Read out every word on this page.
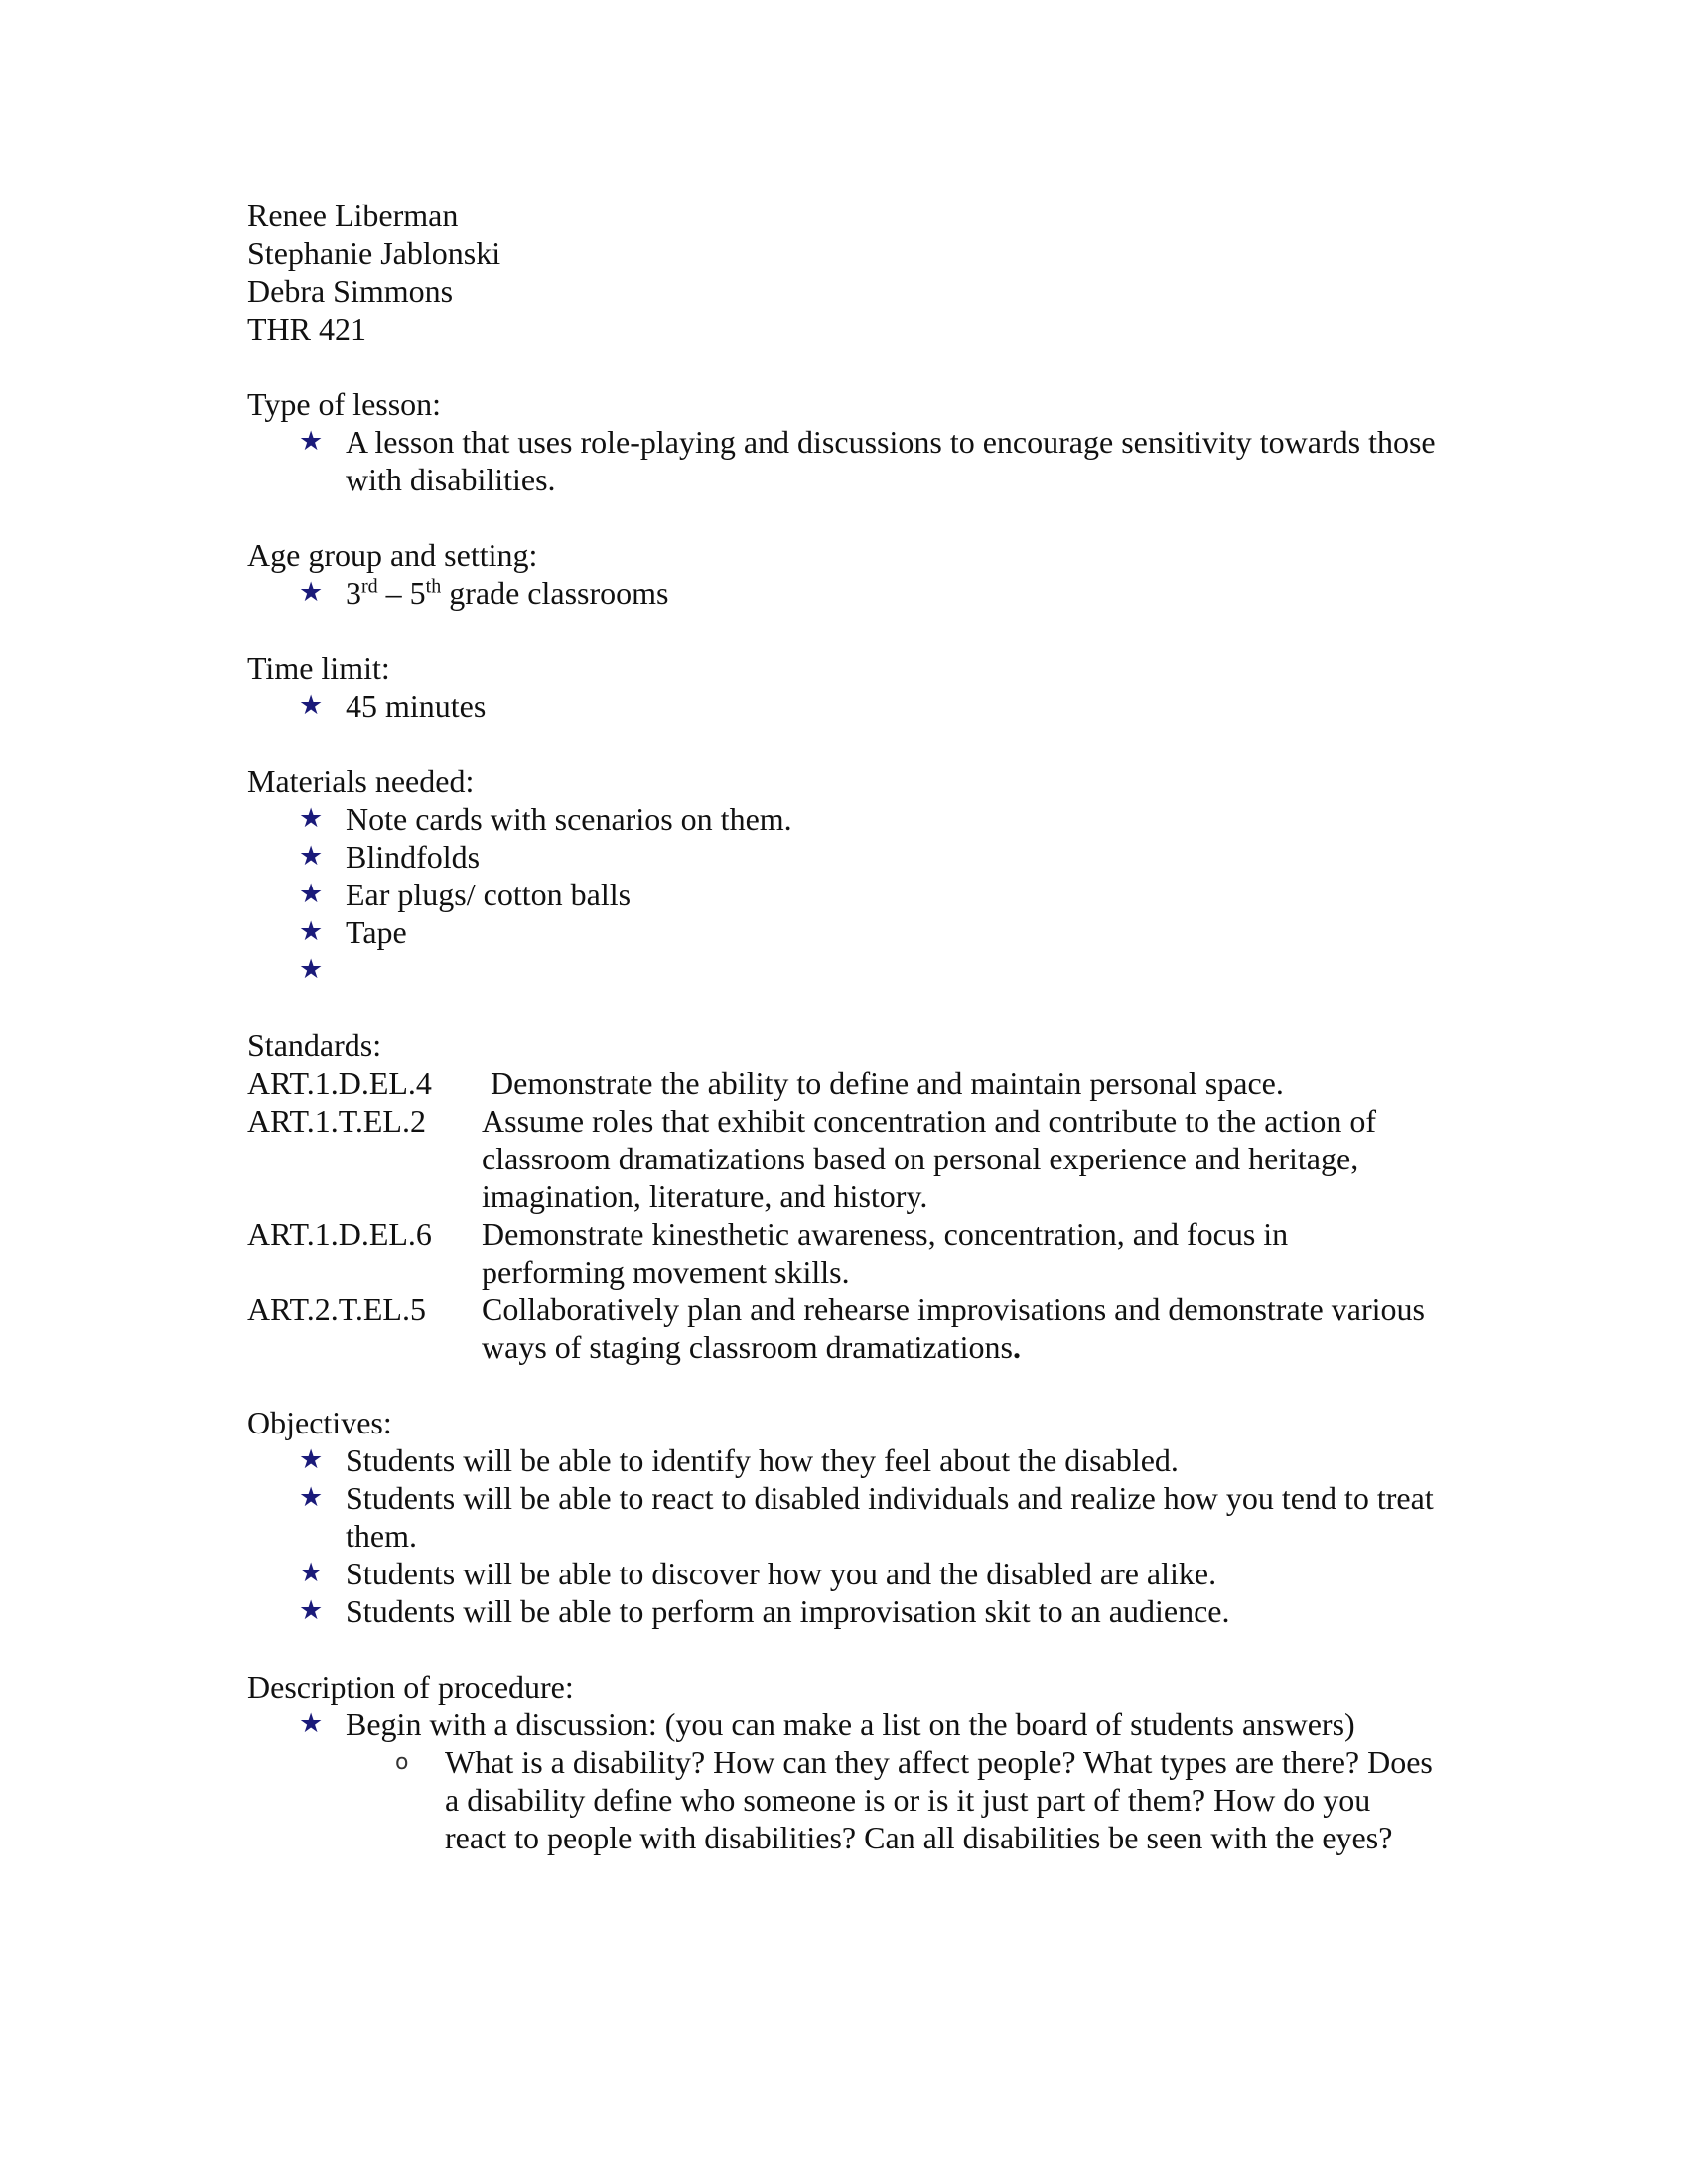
Renee Liberman

Stephanie Jablonski

Debra Simmons

THR 421

Type of lesson:

★ A lesson that uses role-playing and discussions to encourage sensitivity towards those with disabilities.

Age group and setting:

★ 3rd – 5th grade classrooms

Time limit:

★ 45 minutes

Materials needed:

★ Note cards with scenarios on them.
★ Blindfolds
★ Ear plugs/ cotton balls
★ Tape
★

Standards:

ART.1.D.EL.4 Demonstrate the ability to define and maintain personal space.
ART.1.T.EL.2 Assume roles that exhibit concentration and contribute to the action of classroom dramatizations based on personal experience and heritage, imagination, literature, and history.
ART.1.D.EL.6 Demonstrate kinesthetic awareness, concentration, and focus in performing movement skills.
ART.2.T.EL.5 Collaboratively plan and rehearse improvisations and demonstrate various ways of staging classroom dramatizations.

Objectives:

★ Students will be able to identify how they feel about the disabled.
★ Students will be able to react to disabled individuals and realize how you tend to treat them.
★ Students will be able to discover how you and the disabled are alike.
★ Students will be able to perform an improvisation skit to an audience.

Description of procedure:

★ Begin with a discussion: (you can make a list on the board of students answers)
o What is a disability? How can they affect people? What types are there? Does a disability define who someone is or is it just part of them? How do you react to people with disabilities? Can all disabilities be seen with the eyes?
